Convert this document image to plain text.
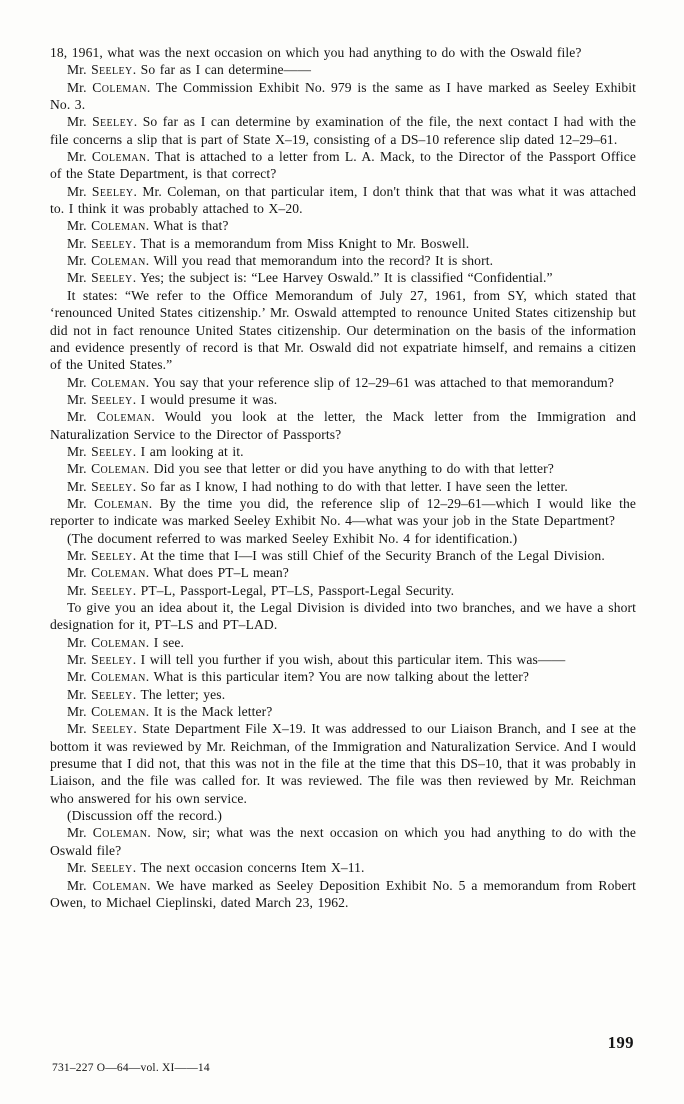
18, 1961, what was the next occasion on which you had anything to do with the Oswald file?

Mr. Seeley. So far as I can determine——

Mr. Coleman. The Commission Exhibit No. 979 is the same as I have marked as Seeley Exhibit No. 3.

Mr. Seeley. So far as I can determine by examination of the file, the next contact I had with the file concerns a slip that is part of State X–19, consisting of a DS–10 reference slip dated 12–29–61.

Mr. Coleman. That is attached to a letter from L. A. Mack, to the Director of the Passport Office of the State Department, is that correct?

Mr. Seeley. Mr. Coleman, on that particular item, I don't think that that was what it was attached to. I think it was probably attached to X–20.

Mr. Coleman. What is that?

Mr. Seeley. That is a memorandum from Miss Knight to Mr. Boswell.

Mr. Coleman. Will you read that memorandum into the record? It is short.

Mr. Seeley. Yes; the subject is: “Lee Harvey Oswald.” It is classified “Confidential.”

It states: “We refer to the Office Memorandum of July 27, 1961, from SY, which stated that ‘renounced United States citizenship.’ Mr. Oswald attempted to renounce United States citizenship but did not in fact renounce United States citizenship. Our determination on the basis of the information and evidence presently of record is that Mr. Oswald did not expatriate himself, and remains a citizen of the United States.”

Mr. Coleman. You say that your reference slip of 12–29–61 was attached to that memorandum?

Mr. Seeley. I would presume it was.

Mr. Coleman. Would you look at the letter, the Mack letter from the Immigration and Naturalization Service to the Director of Passports?

Mr. Seeley. I am looking at it.

Mr. Coleman. Did you see that letter or did you have anything to do with that letter?

Mr. Seeley. So far as I know, I had nothing to do with that letter. I have seen the letter.

Mr. Coleman. By the time you did, the reference slip of 12–29–61—which I would like the reporter to indicate was marked Seeley Exhibit No. 4—what was your job in the State Department?

(The document referred to was marked Seeley Exhibit No. 4 for identification.)

Mr. Seeley. At the time that I—I was still Chief of the Security Branch of the Legal Division.

Mr. Coleman. What does PT–L mean?

Mr. Seeley. PT–L, Passport-Legal, PT–LS, Passport-Legal Security.

To give you an idea about it, the Legal Division is divided into two branches, and we have a short designation for it, PT–LS and PT–LAD.

Mr. Coleman. I see.

Mr. Seeley. I will tell you further if you wish, about this particular item. This was——

Mr. Coleman. What is this particular item? You are now talking about the letter?

Mr. Seeley. The letter; yes.

Mr. Coleman. It is the Mack letter?

Mr. Seeley. State Department File X–19. It was addressed to our Liaison Branch, and I see at the bottom it was reviewed by Mr. Reichman, of the Immigration and Naturalization Service. And I would presume that I did not, that this was not in the file at the time that this DS–10, that it was probably in Liaison, and the file was called for. It was reviewed. The file was then reviewed by Mr. Reichman who answered for his own service.

(Discussion off the record.)

Mr. Coleman. Now, sir; what was the next occasion on which you had anything to do with the Oswald file?

Mr. Seeley. The next occasion concerns Item X–11.

Mr. Coleman. We have marked as Seeley Deposition Exhibit No. 5 a memorandum from Robert Owen, to Michael Cieplinski, dated March 23, 1962.

199
731–227 O—64—vol. XI——14
